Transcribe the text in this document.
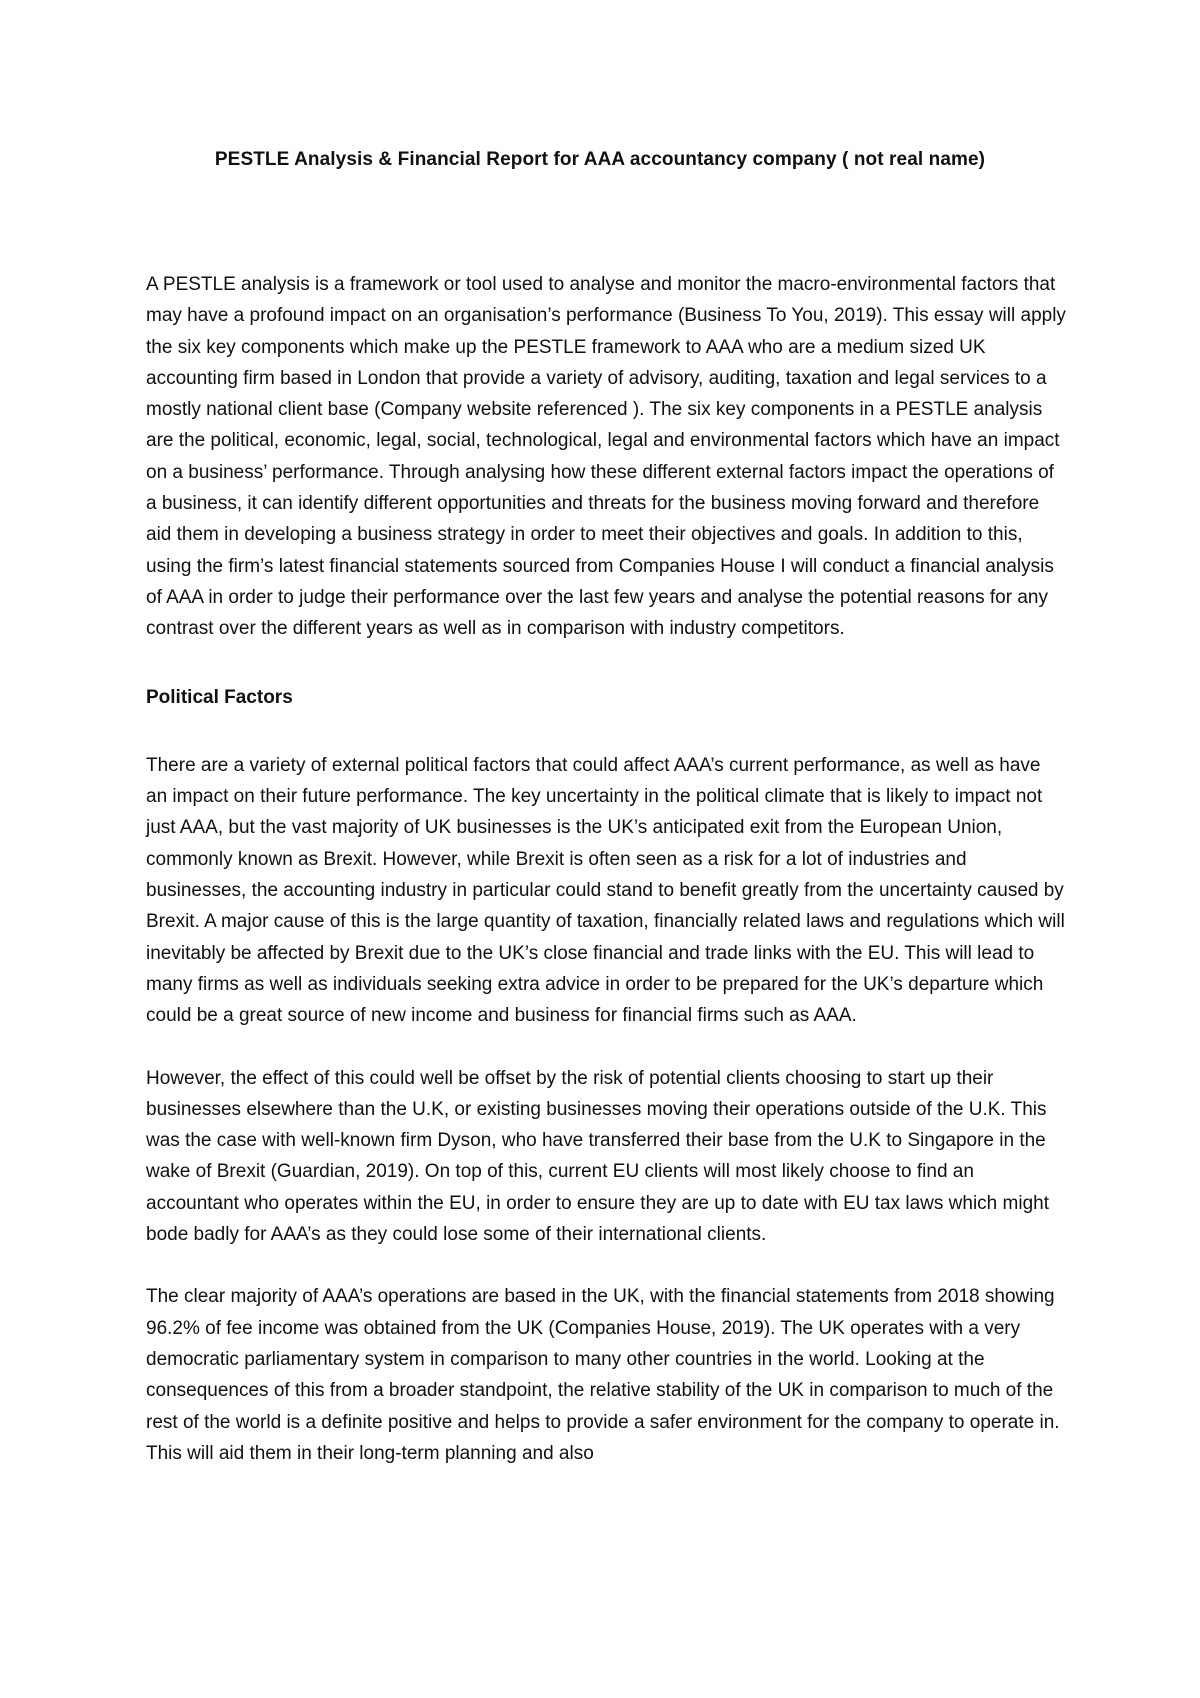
PESTLE Analysis & Financial Report for AAA accountancy company ( not real name)

A PESTLE analysis is a framework or tool used to analyse and monitor the macro-environmental factors that may have a profound impact on an organisation’s performance (Business To You, 2019). This essay will apply the six key components which make up the PESTLE framework to AAA who are a medium sized UK accounting firm based in London that provide a variety of advisory, auditing, taxation and legal services to a mostly national client base (Company website referenced ). The six key components in a PESTLE analysis are the political, economic, legal, social, technological, legal and environmental factors which have an impact on a business’ performance. Through analysing how these different external factors impact the operations of a business, it can identify different opportunities and threats for the business moving forward and therefore aid them in developing a business strategy in order to meet their objectives and goals. In addition to this, using the firm’s latest financial statements sourced from Companies House I will conduct a financial analysis of AAA in order to judge their performance over the last few years and analyse the potential reasons for any contrast over the different years as well as in comparison with industry competitors.

Political Factors

There are a variety of external political factors that could affect AAA’s current performance, as well as have an impact on their future performance. The key uncertainty in the political climate that is likely to impact not just AAA, but the vast majority of UK businesses is the UK’s anticipated exit from the European Union, commonly known as Brexit. However, while Brexit is often seen as a risk for a lot of industries and businesses, the accounting industry in particular could stand to benefit greatly from the uncertainty caused by Brexit. A major cause of this is the large quantity of taxation, financially related laws and regulations which will inevitably be affected by Brexit due to the UK’s close financial and trade links with the EU. This will lead to many firms as well as individuals seeking extra advice in order to be prepared for the UK’s departure which could be a great source of new income and business for financial firms such as AAA.

However, the effect of this could well be offset by the risk of potential clients choosing to start up their businesses elsewhere than the U.K, or existing businesses moving their operations outside of the U.K. This was the case with well-known firm Dyson, who have transferred their base from the U.K to Singapore in the wake of Brexit (Guardian, 2019). On top of this, current EU clients will most likely choose to find an accountant who operates within the EU, in order to ensure they are up to date with EU tax laws which might bode badly for AAA’s as they could lose some of their international clients.

The clear majority of AAA’s operations are based in the UK, with the financial statements from 2018 showing 96.2% of fee income was obtained from the UK (Companies House, 2019). The UK operates with a very democratic parliamentary system in comparison to many other countries in the world. Looking at the consequences of this from a broader standpoint, the relative stability of the UK in comparison to much of the rest of the world is a definite positive and helps to provide a safer environment for the company to operate in. This will aid them in their long-term planning and also
